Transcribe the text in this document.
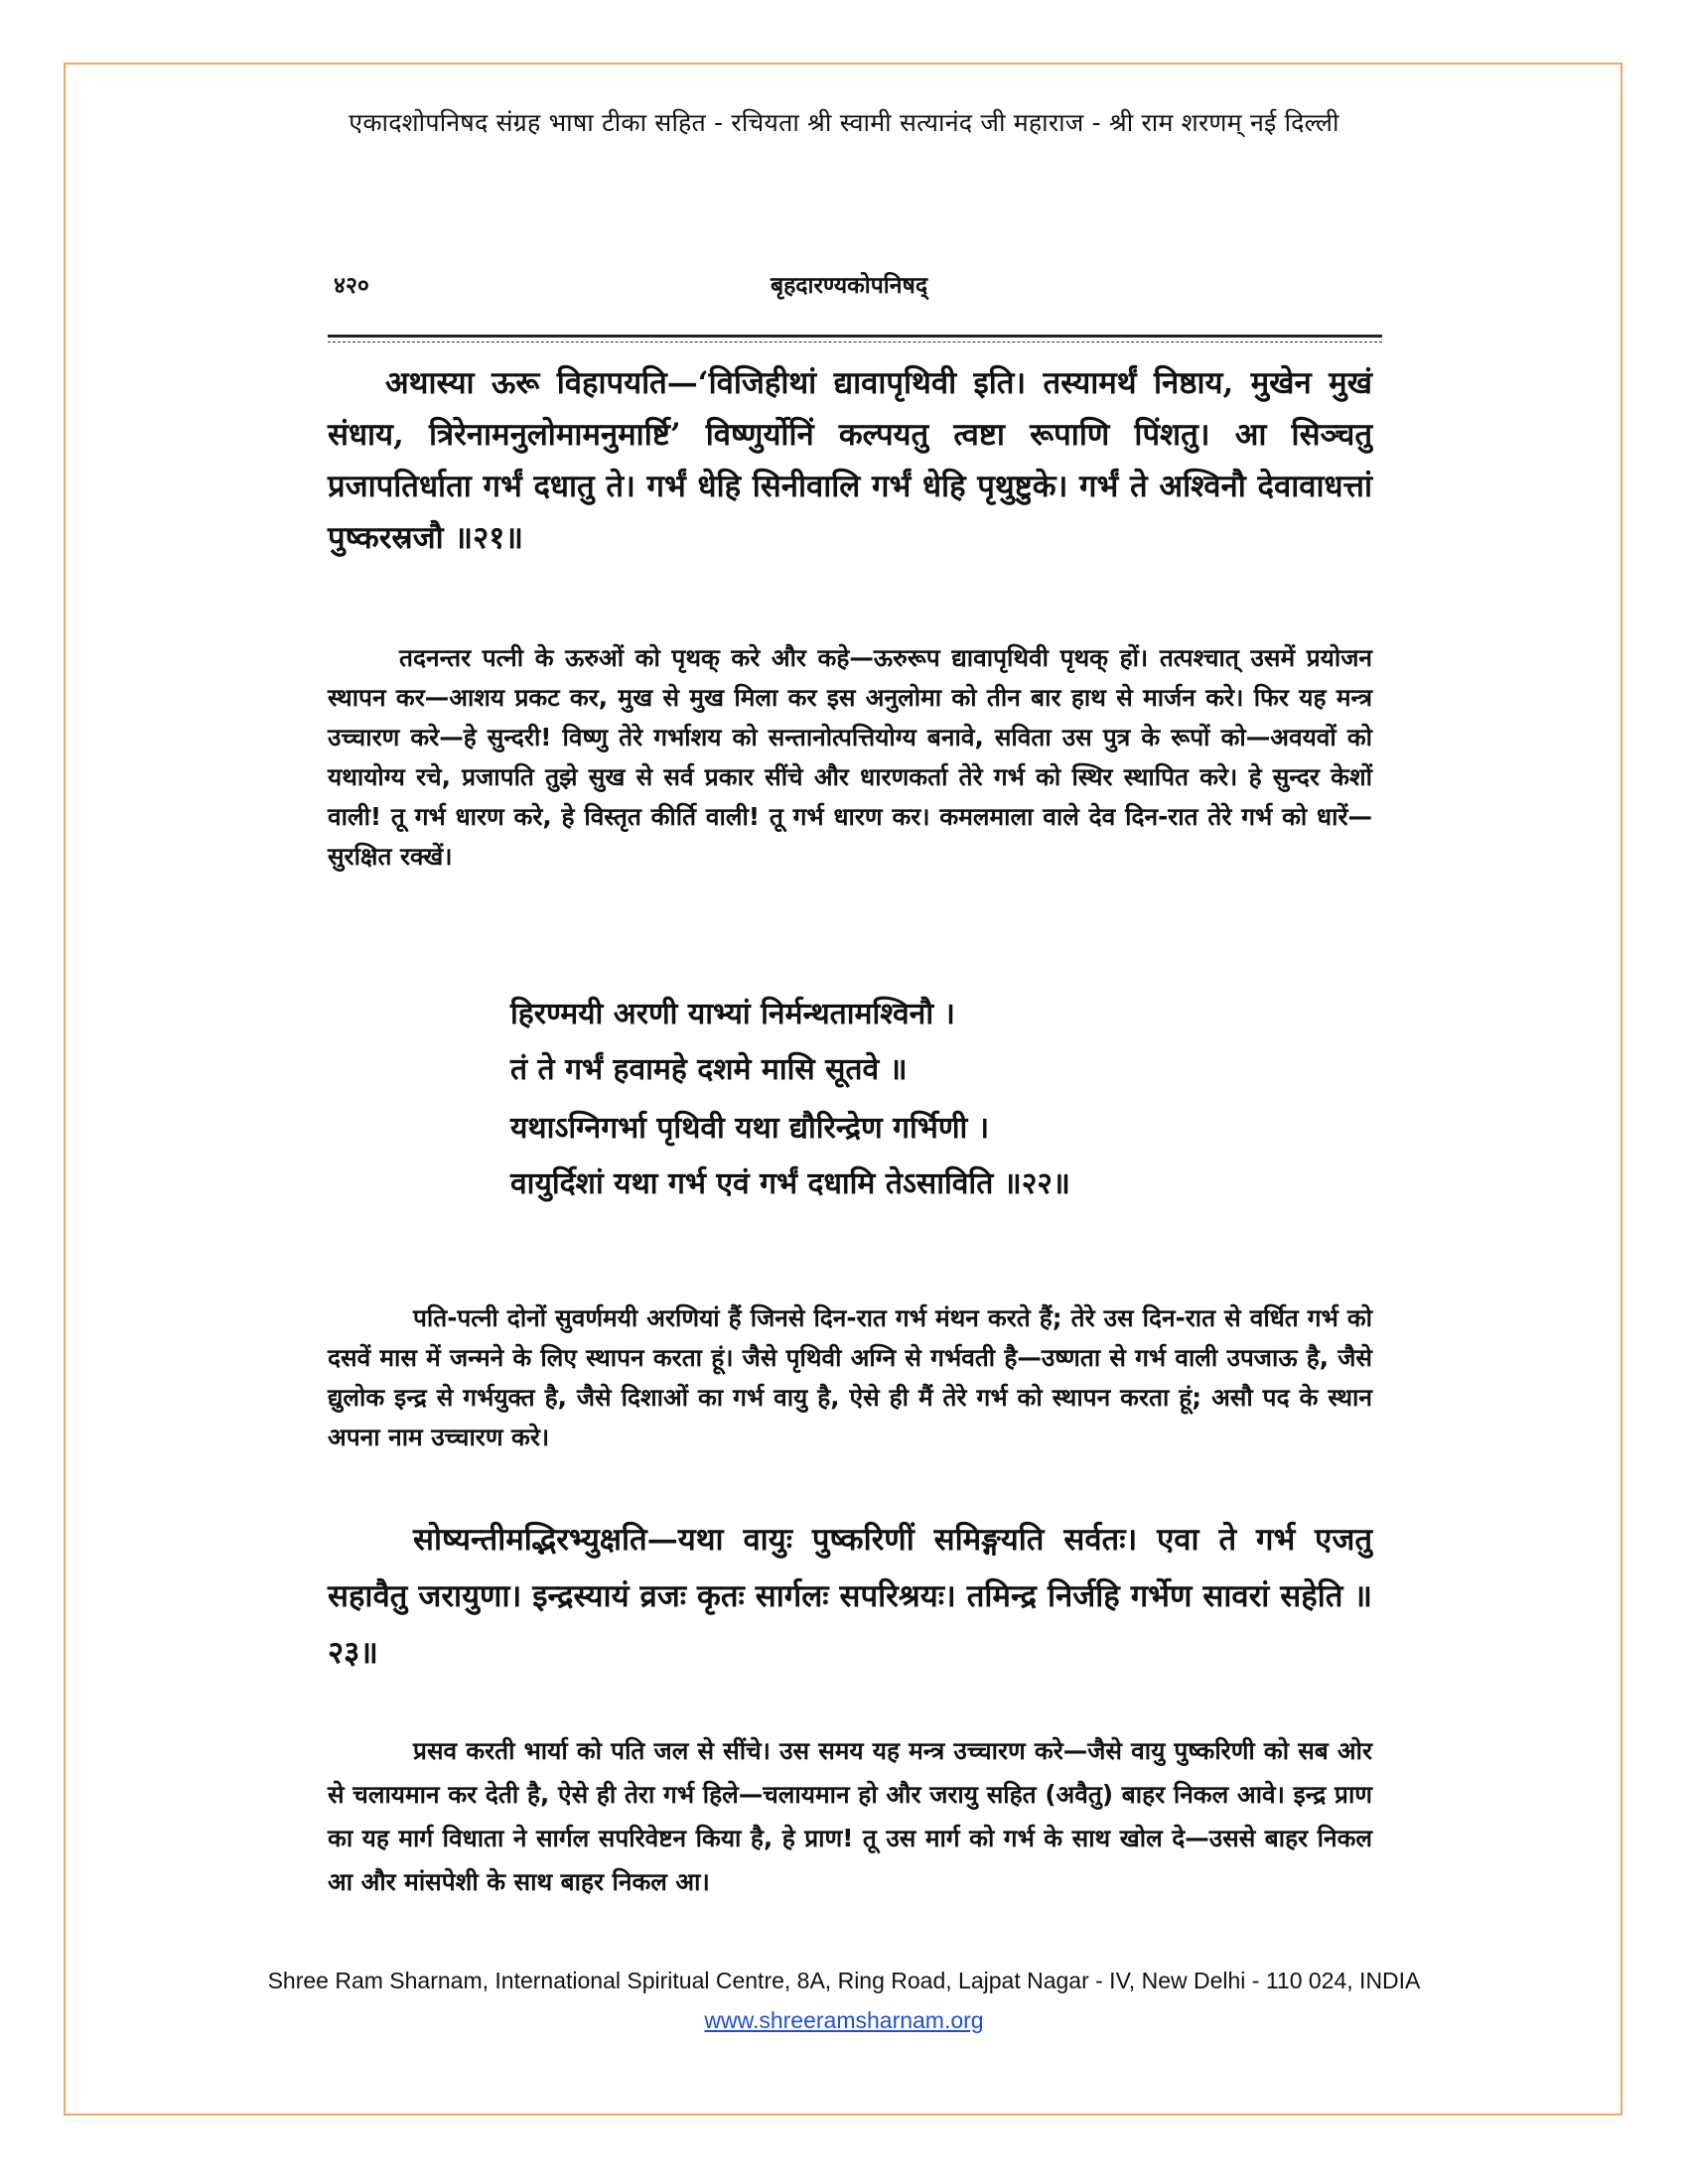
एकादशोपनिषद संग्रह भाषा टीका सहित - रचियता श्री स्वामी सत्यानंद जी महाराज - श्री राम शरणम् नई दिल्ली
४२०	बृहदारण्यकोपनिषद्
अथास्या ऊरू विहापयति—‘विजिहीथां द्यावापृथिवी इति। तस्यामर्थं निष्ठाय, मुखेन मुखं संधाय, त्रिरेनामनुलोमामनुमार्ष्टि’ विष्णुर्योनिं कल्पयतु त्वष्टा रूपाणि पिंशतु। आ सिञ्चतु प्रजापतिर्धाता गर्भं दधातु ते। गर्भं धेहि सिनीवालि गर्भं धेहि पृथुष्टुके। गर्भं ते अश्विनौ देवावाधत्तां पुष्करस्रजौ ॥२१॥
तदनन्तर पत्नी के ऊरुओं को पृथक् करे और कहे—ऊरुरूप द्यावापृथिवी पृथक् हों। तत्पश्चात् उसमें प्रयोजन स्थापन कर—आशय प्रकट कर, मुख से मुख मिला कर इस अनुलोमा को तीन बार हाथ से मार्जन करे। फिर यह मन्त्र उच्चारण करे—हे सुन्दरी! विष्णु तेरे गर्भाशय को सन्तानोत्पत्तियोग्य बनावे, सविता उस पुत्र के रूपों को—अवयवों को यथायोग्य रचे, प्रजापति तुझे सुख से सर्व प्रकार सींचे और धारणकर्ता तेरे गर्भ को स्थिर स्थापित करे। हे सुन्दर केशों वाली! तू गर्भ धारण करे, हे विस्तृत कीर्ति वाली! तू गर्भ धारण कर। कमलमाला वाले देव दिन-रात तेरे गर्भ को धारें—सुरक्षित रक्खें।
हिरण्मयी अरणी याभ्यां निर्मन्थतामश्विनौ ।
तं ते गर्भं हवामहे दशमे मासि सूतवे ॥
यथाऽग्निगर्भा पृथिवी यथा द्यौरिन्द्रेण गर्भिणी ।
वायुर्दिशां यथा गर्भ एवं गर्भं दधामि तेऽसाविति ॥२२॥
पति-पत्नी दोनों सुवर्णमयी अरणियां हैं जिनसे दिन-रात गर्भ मंथन करते हैं; तेरे उस दिन-रात से वर्धित गर्भ को दसवें मास में जन्मने के लिए स्थापन करता हूं। जैसे पृथिवी अग्नि से गर्भवती है—उष्णता से गर्भ वाली उपजाऊ है, जैसे द्युलोक इन्द्र से गर्भयुक्त है, जैसे दिशाओं का गर्भ वायु है, ऐसे ही मैं तेरे गर्भ को स्थापन करता हूं; असौ पद के स्थान अपना नाम उच्चारण करे।
सोष्यन्तीमद्भिरभ्युक्षति—यथा वायुः पुष्करिणीं समिङ्गयति सर्वतः। एवा ते गर्भ एजतु सहावैतु जरायुणा। इन्द्रस्यायं व्रजः कृतः सार्गलः सपरिश्रयः। तमिन्द्र निर्जहि गर्भेण सावरां सहेति ॥२३॥
प्रसव करती भार्या को पति जल से सींचे। उस समय यह मन्त्र उच्चारण करे—जैसे वायु पुष्करिणी को सब ओर से चलायमान कर देती है, ऐसे ही तेरा गर्भ हिले—चलायमान हो और जरायु सहित (अवैतु) बाहर निकल आवे। इन्द्र प्राण का यह मार्ग विधाता ने सार्गल सपरिवेष्टन किया है, हे प्राण! तू उस मार्ग को गर्भ के साथ खोल दे—उससे बाहर निकल आ और मांसपेशी के साथ बाहर निकल आ।
Shree Ram Sharnam, International Spiritual Centre, 8A, Ring Road, Lajpat Nagar - IV, New Delhi - 110 024, INDIA
www.shreeramsharnam.org
